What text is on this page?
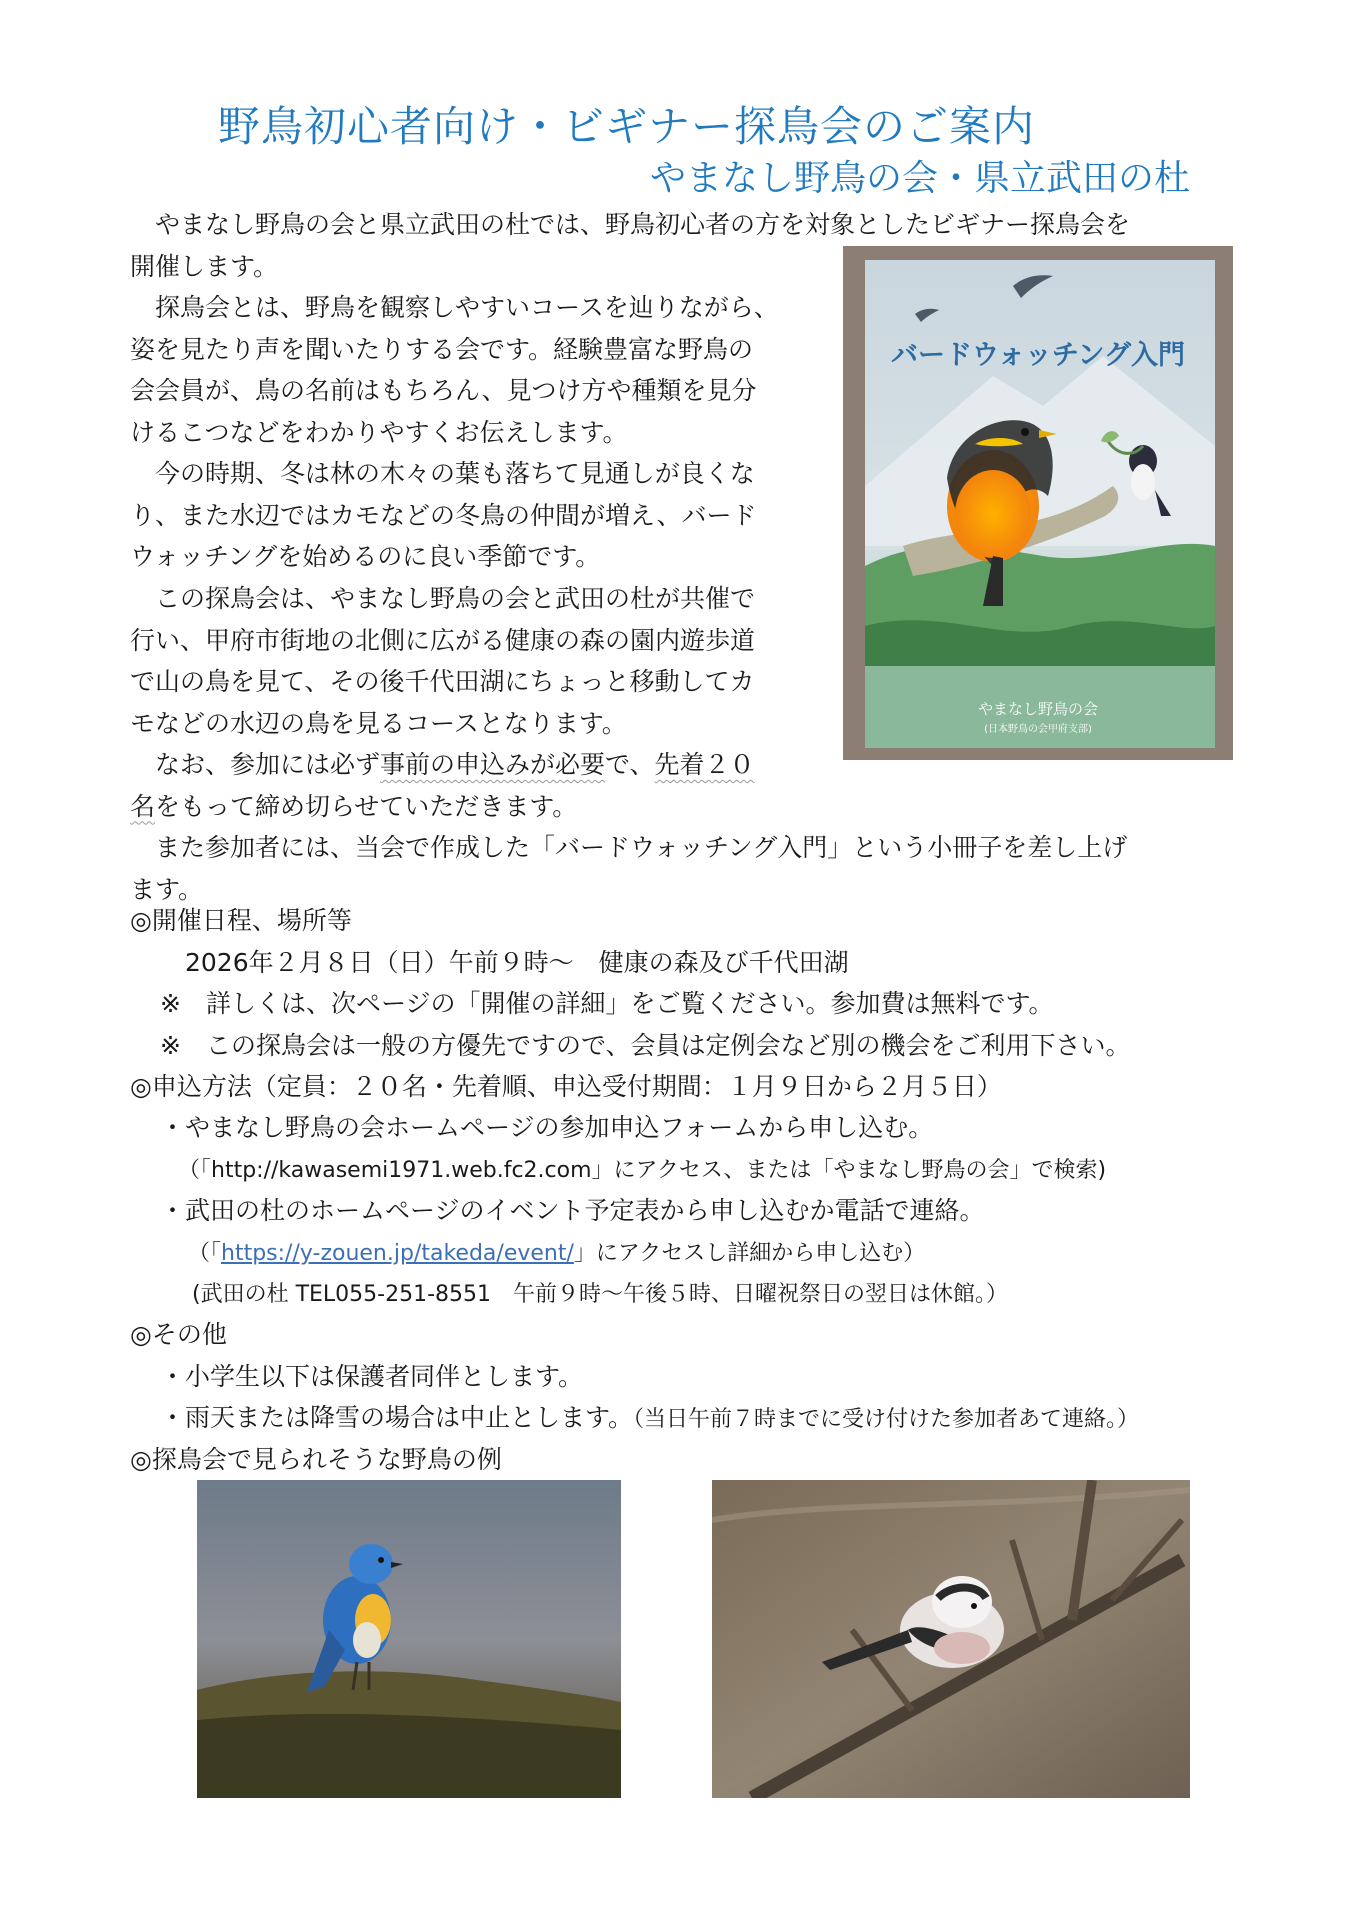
野鳥初心者向け・ビギナー探鳥会のご案内
やまなし野鳥の会・県立武田の杜

やまなし野鳥の会と県立武田の杜では、野鳥初心者の方を対象としたビギナー探鳥会を
開催します。

探鳥会とは、野鳥を観察しやすいコースを辿りながら、
姿を見たり声を聞いたりする会です。経験豊富な野鳥の
会会員が、鳥の名前はもちろん、見つけ方や種類を見分
けるこつなどをわかりやすくお伝えします。

今の時期、冬は林の木々の葉も落ちて見通しが良くな
り、また水辺ではカモなどの冬鳥の仲間が増え、バード
ウォッチングを始めるのに良い季節です。

この探鳥会は、やまなし野鳥の会と武田の杜が共催で
行い、甲府市街地の北側に広がる健康の森の園内遊歩道
で山の鳥を見て、その後千代田湖にちょっと移動してカ
モなどの水辺の鳥を見るコースとなります。

なお、参加には必ず事前の申込みが必要で、先着２０
名をもって締め切らせていただきます。

また参加者には、当会で作成した「バードウォッチング入門」という小冊子を差し上げ
ます。

◎開催日程、場所等

2026年２月８日（日）午前９時～　健康の森及び千代田湖

※　詳しくは、次ページの「開催の詳細」をご覧ください。参加費は無料です。

※　この探鳥会は一般の方優先ですので、会員は定例会など別の機会をご利用下さい。

◎申込方法（定員：２０名・先着順、申込受付期間：１月９日から２月５日）

・やまなし野鳥の会ホームページの参加申込フォームから申し込む。

（「http://kawasemi1971.web.fc2.com」にアクセス、または「やまなし野鳥の会」で検索)

・武田の杜のホームページのイベント予定表から申し込むか電話で連絡。

（「https://y-zouen.jp/takeda/event/」にアクセスし詳細から申し込む）

(武田の杜 TEL055-251-8551　午前９時～午後５時、日曜祝祭日の翌日は休館。）

◎その他

・小学生以下は保護者同伴とします。

・雨天または降雪の場合は中止とします。（当日午前７時までに受け付けた参加者あて連絡。）

◎探鳥会で見られそうな野鳥の例

バードウォッチング入門
やまなし野鳥の会
(日本野鳥の会甲府支部)
